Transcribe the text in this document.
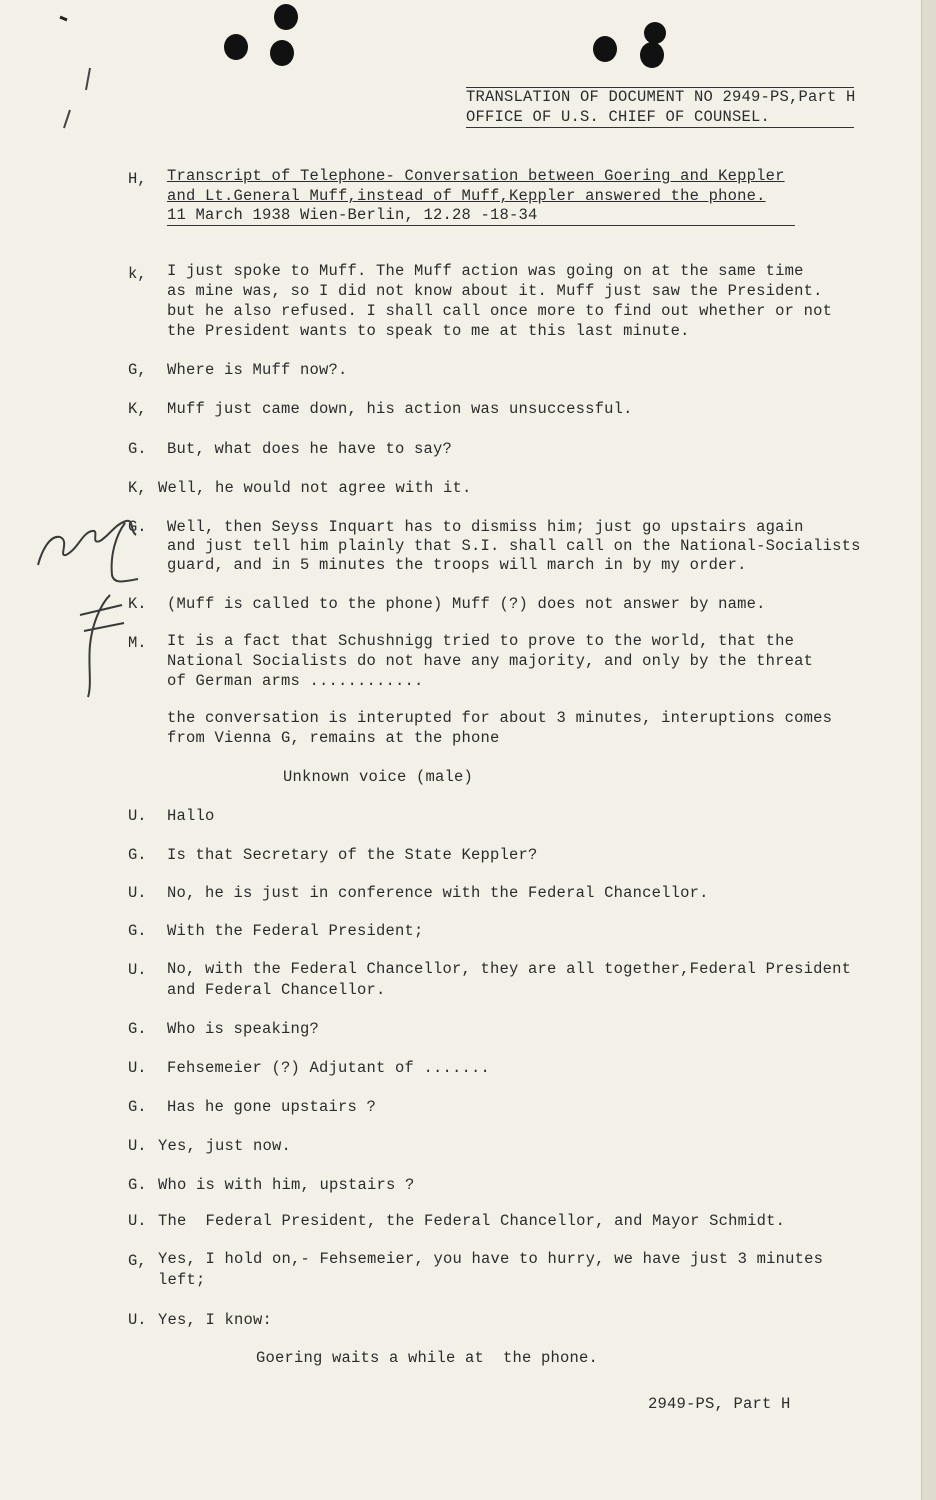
TRANSLATION OF DOCUMENT NO 2949-PS,Part H
OFFICE OF U.S. CHIEF OF COUNSEL.
H, Transcript of Telephone- Conversation between Goering and Keppler
and Lt.General Muff,instead of Muff,Keppler answered the phone.
11 March 1938 Wien-Berlin, 12.28 -18-34
k, I just spoke to Muff. The Muff action was going on at the same time
as mine was, so I did not know about it. Muff just saw the President.
but he also refused. I shall call once more to find out whether or not
the President wants to speak to me at this last minute.
G, Where is Muff now?.
K, Muff just came down, his action was unsuccessful.
G. But, what does he have to say?
K, Well, he would not agree with it.
G. Well, then Seyss Inquart has to dismiss him; just go upstairs again
and just tell him plainly that S.I. shall call on the National-Socialists
guard, and in 5 minutes the troops will march in by my order.
K. (Muff is called to the phone) Muff (?) does not answer by name.
M. It is a fact that Schushnigg tried to prove to the world, that the
National Socialists do not have any majority, and only by the threat
of German arms ............
the conversation is interupted for about 3 minutes, interuptions comes
from Vienna G, remains at the phone
Unknown voice (male)
U. Hallo
G. Is that Secretary of the State Keppler?
U. No, he is just in conference with the Federal Chancellor.
G. With the Federal President;
U. No, with the Federal Chancellor, they are all together,Federal President
and Federal Chancellor.
G. Who is speaking?
U. Fehsemeier (?) Adjutant of .......
G. Has he gone upstairs ?
U. Yes, just now.
G. Who is with him, upstairs ?
U. The  Federal President, the Federal Chancellor, and Mayor Schmidt.
G, Yes, I hold on,- Fehsemeier, you have to hurry, we have just 3 minutes
left;
U. Yes, I know:
Goering waits a while at  the phone.
2949-PS, Part H
